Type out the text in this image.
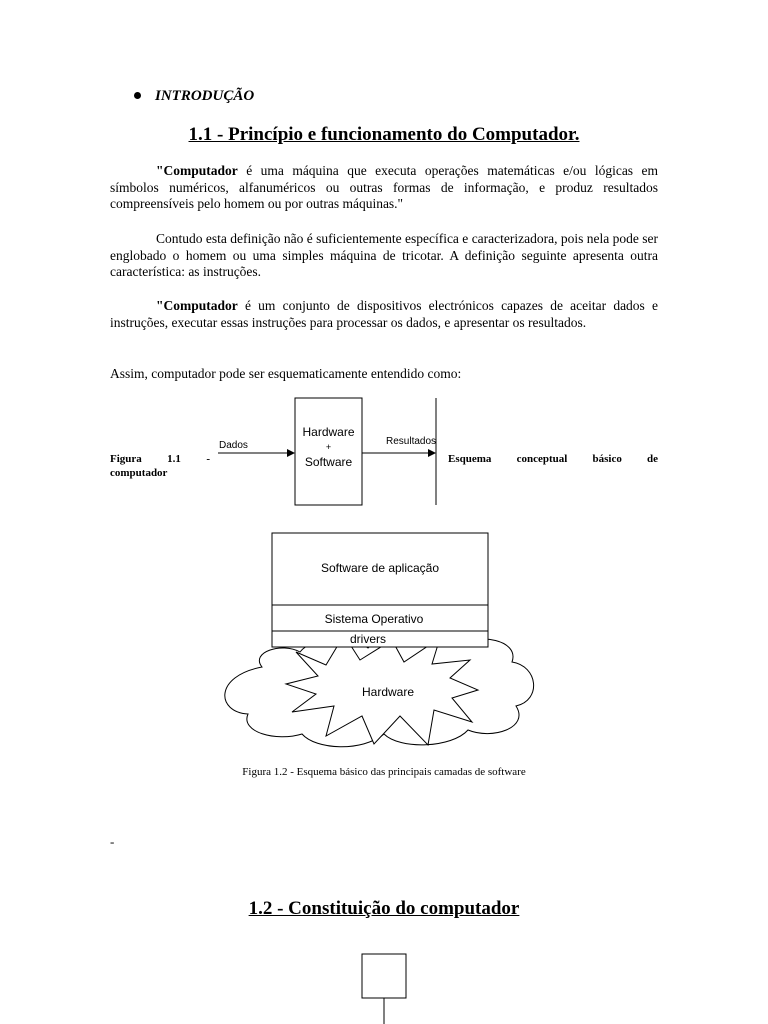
INTRODUÇÃO
1.1 - Princípio e funcionamento do Computador.
"Computador é uma máquina que executa operações matemáticas e/ou lógicas em símbolos numéricos, alfanuméricos ou outras formas de informação, e produz resultados compreensíveis pelo homem ou por outras máquinas."
Contudo esta definição não é suficientemente específica e caracterizadora, pois nela pode ser englobado o homem ou uma simples máquina de tricotar. A definição seguinte apresenta outra característica: as instruções.
"Computador é um conjunto de dispositivos electrónicos capazes de aceitar dados e instruções, executar essas instruções para processar os dados, e apresentar os resultados.
Assim, computador pode ser esquematicamente entendido como:
Dados
Hardware
+
Software
Resultados
Figura 1.1 -	Esquema conceptual básico de
computador
Hardware
Software de aplicação
Sistema Operativo
drivers
Figura 1.2 - Esquema básico das principais camadas de software
-
1.2 - Constituição do computador
